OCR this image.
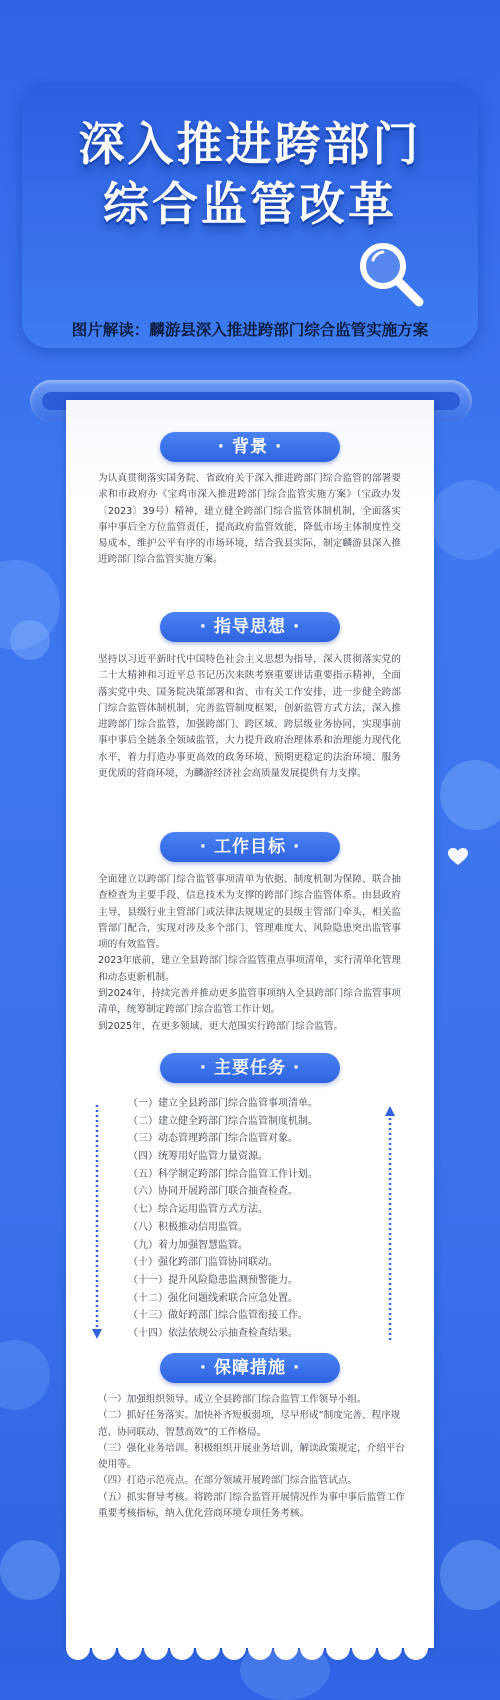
深入推进跨部门
综合监管改革
图片解读：麟游县深入推进跨部门综合监管实施方案
· 背景 ·

为认真贯彻落实国务院、省政府关于深入推进跨部门综合监管的部署要求和市政府办《宝鸡市深入推进跨部门综合监管实施方案》（宝政办发〔2023〕39号）精神，建立健全跨部门综合监管体制机制，全面落实事中事后全方位监管责任，提高政府监管效能，降低市场主体制度性交易成本，维护公平有序的市场环境，结合我县实际，制定麟游县深入推进跨部门综合监管实施方案。

· 指导思想 ·

坚持以习近平新时代中国特色社会主义思想为指导，深入贯彻落实党的二十大精神和习近平总书记历次来陕考察重要讲话重要指示精神，全面落实党中央、国务院决策部署和省、市有关工作安排，进一步健全跨部门综合监管体制机制，完善监管制度框架，创新监管方式方法，深入推进跨部门综合监管，加强跨部门、跨区域、跨层级业务协同，实现事前事中事后全链条全领域监管，大力提升政府治理体系和治理能力现代化水平，着力打造办事更高效的政务环境、预期更稳定的法治环境、服务更优质的营商环境，为麟游经济社会高质量发展提供有力支撑。

· 工作目标 ·

全面建立以跨部门综合监管事项清单为依据、制度机制为保障、联合抽查检查为主要手段、信息技术为支撑的跨部门综合监管体系。由县政府主导，县级行业主管部门或法律法规规定的县级主管部门牵头，相关监管部门配合，实现对涉及多个部门、管理难度大、风险隐患突出监管事项的有效监管。

2023年底前，建立全县跨部门综合监管重点事项清单，实行清单化管理和动态更新机制。

到2024年，持续完善并推动更多监管事项纳入全县跨部门综合监管事项清单，统筹制定跨部门综合监管工作计划。

到2025年，在更多领域、更大范围实行跨部门综合监管。

· 主要任务 ·
（一）建立全县跨部门综合监管事项清单。
（二）建立健全跨部门综合监管制度机制。
（三）动态管理跨部门综合监管对象。
（四）统筹用好监管力量资源。
（五）科学制定跨部门综合监管工作计划。
（六）协同开展跨部门联合抽查检查。
（七）综合运用监管方式方法。
（八）积极推动信用监管。
（九）着力加强智慧监管。
（十）强化跨部门监管协同联动。
（十一）提升风险隐患监测预警能力。
（十二）强化问题线索联合应急处置。
（十三）做好跨部门综合监管衔接工作。
（十四）依法依规公示抽查检查结果。
· 保障措施 ·

（一）加强组织领导。成立全县跨部门综合监管工作领导小组。

（二）抓好任务落实。加快补齐短板弱项，尽早形成“制度完善、程序规范、协同联动、智慧高效”的工作格局。

（三）强化业务培训。积极组织开展业务培训，解读政策规定，介绍平台使用等。

（四）打造示范亮点。在部分领域开展跨部门综合监管试点。

（五）抓实督导考核。将跨部门综合监管开展情况作为事中事后监管工作重要考核指标，纳入优化营商环境专项任务考核。
